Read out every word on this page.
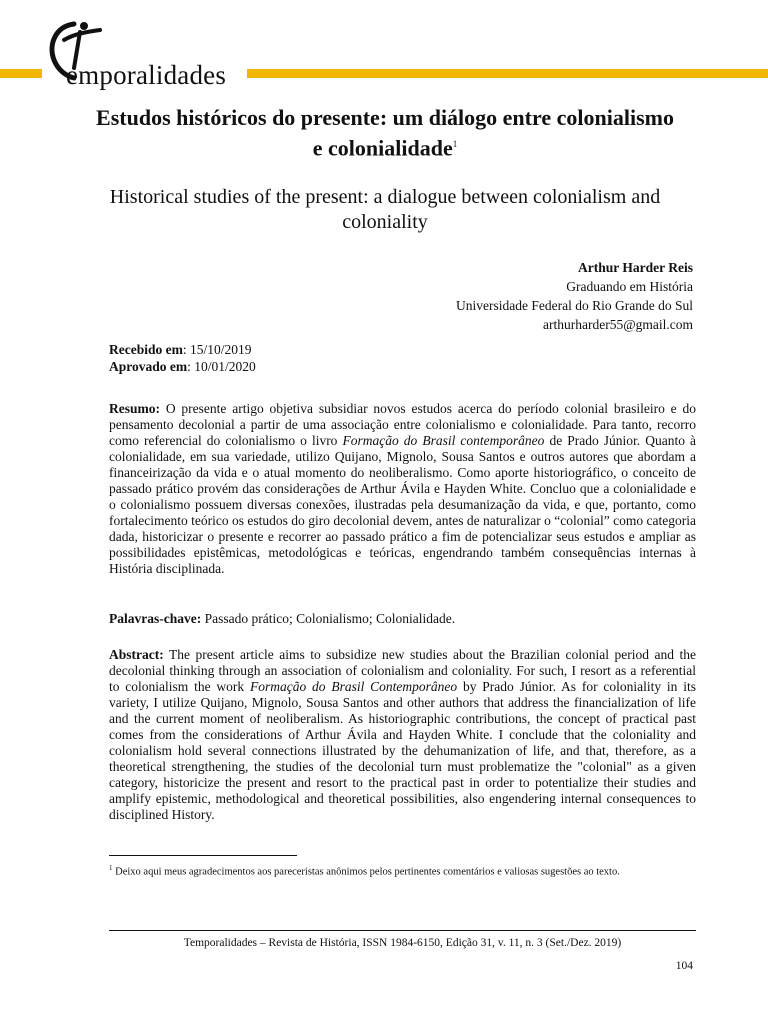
emporalidades
Estudos históricos do presente: um diálogo entre colonialismo e colonialidade$^1$
Historical studies of the present: a dialogue between colonialism and coloniality
Arthur Harder Reis
Graduando em História
Universidade Federal do Rio Grande do Sul
arthurharder55@gmail.com
Recebido em: 15/10/2019
Aprovado em: 10/01/2020
Resumo: O presente artigo objetiva subsidiar novos estudos acerca do período colonial brasileiro e do pensamento decolonial a partir de uma associação entre colonialismo e colonialidade. Para tanto, recorro como referencial do colonialismo o livro Formação do Brasil contemporâneo de Prado Júnior. Quanto à colonialidade, em sua variedade, utilizo Quijano, Mignolo, Sousa Santos e outros autores que abordam a financeirização da vida e o atual momento do neoliberalismo. Como aporte historiográfico, o conceito de passado prático provém das considerações de Arthur Ávila e Hayden White. Concluo que a colonialidade e o colonialismo possuem diversas conexões, ilustradas pela desumanização da vida, e que, portanto, como fortalecimento teórico os estudos do giro decolonial devem, antes de naturalizar o “colonial” como categoria dada, historicizar o presente e recorrer ao passado prático a fim de potencializar seus estudos e ampliar as possibilidades epistêmicas, metodológicas e teóricas, engendrando também consequências internas à História disciplinada.
Palavras-chave: Passado prático; Colonialismo; Colonialidade.
Abstract: The present article aims to subsidize new studies about the Brazilian colonial period and the decolonial thinking through an association of colonialism and coloniality. For such, I resort as a referential to colonialism the work Formação do Brasil Contemporâneo by Prado Júnior. As for coloniality in its variety, I utilize Quijano, Mignolo, Sousa Santos and other authors that address the financialization of life and the current moment of neoliberalism. As historiographic contributions, the concept of practical past comes from the considerations of Arthur Ávila and Hayden White. I conclude that the coloniality and colonialism hold several connections illustrated by the dehumanization of life, and that, therefore, as a theoretical strengthening, the studies of the decolonial turn must problematize the "colonial" as a given category, historicize the present and resort to the practical past in order to potentialize their studies and amplify epistemic, methodological and theoretical possibilities, also engendering internal consequences to disciplined History.
$^1$ Deixo aqui meus agradecimentos aos pareceristas anônimos pelos pertinentes comentários e valiosas sugestões ao texto.
Temporalidades – Revista de História, ISSN 1984-6150, Edição 31, v. 11, n. 3 (Set./Dez. 2019)
104
